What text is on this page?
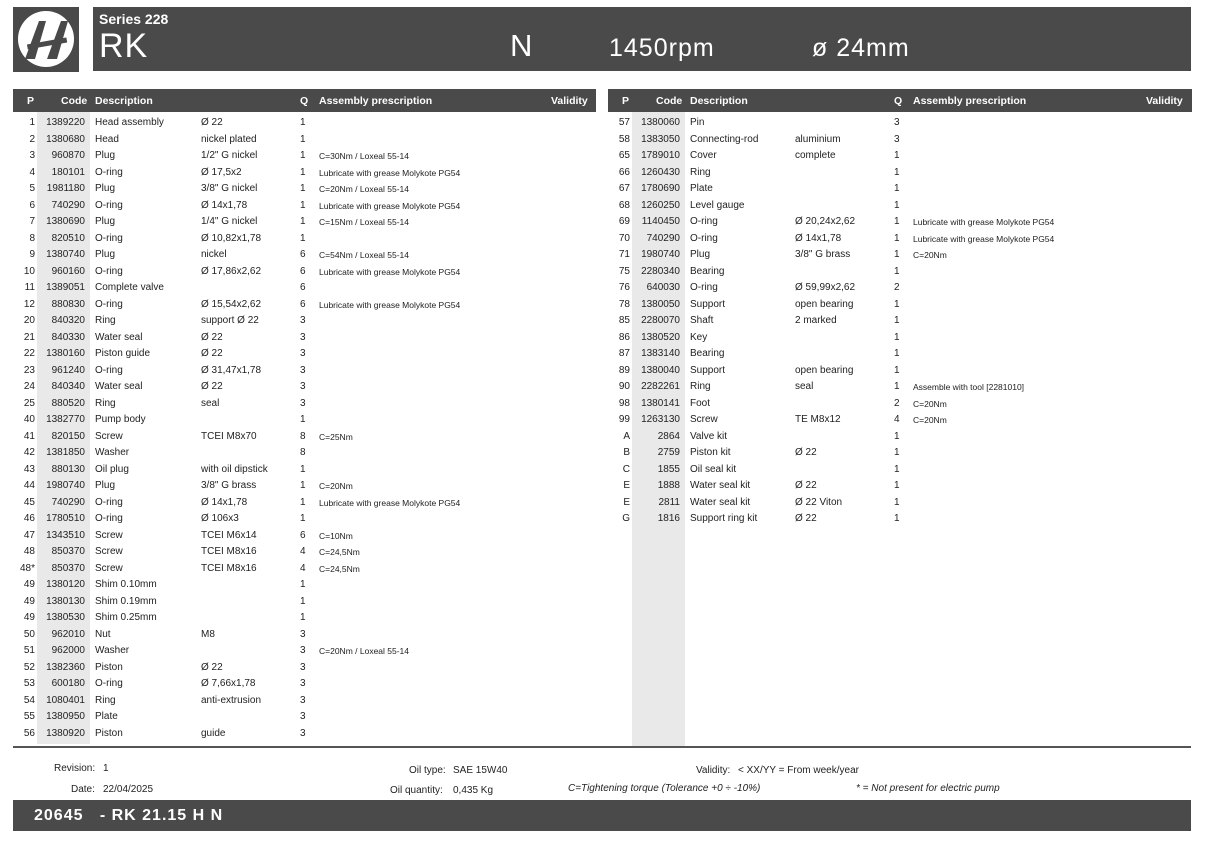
Series 228
RK	N	1450rpm	ø 24mm
P	Code Description	Q Assembly prescription	Validity
1	1389220 Head assembly	Ø 22	1
2	1380680 Head	nickel plated	1
3	960870 Plug	1/2" G nickel	1 C=30Nm / Loxeal 55-14
4	180101 O-ring	Ø 17,5x2	1 Lubricate with grease Molykote PG54
5	1981180 Plug	3/8" G nickel	1 C=20Nm / Loxeal 55-14
6	740290 O-ring	Ø 14x1,78	1 Lubricate with grease Molykote PG54
7	1380690 Plug	1/4" G nickel	1 C=15Nm / Loxeal 55-14
8	820510 O-ring	Ø 10,82x1,78	1
9	1380740 Plug	nickel	6 C=54Nm / Loxeal 55-14
10	960160 O-ring	Ø 17,86x2,62	6 Lubricate with grease Molykote PG54
11	1389051 Complete valve	6
12	880830 O-ring	Ø 15,54x2,62	6 Lubricate with grease Molykote PG54
20	840320 Ring	support Ø 22	3
21	840330 Water seal	Ø 22	3
22	1380160 Piston guide	Ø 22	3
23	961240 O-ring	Ø 31,47x1,78	3
24	840340 Water seal	Ø 22	3
25	880520 Ring	seal	3
40	1382770 Pump body	1
41	820150 Screw	TCEI M8x70	8 C=25Nm
42	1381850 Washer	8
43	880130 Oil plug	with oil dipstick	1
44	1980740 Plug	3/8" G brass	1 C=20Nm
45	740290 O-ring	Ø 14x1,78	1 Lubricate with grease Molykote PG54
46	1780510 O-ring	Ø 106x3	1
47	1343510 Screw	TCEI M6x14	6 C=10Nm
48	850370 Screw	TCEI M8x16	4 C=24,5Nm
48*	850370 Screw	TCEI M8x16	4 C=24,5Nm
49	1380120 Shim 0.10mm	1
49	1380130 Shim 0.19mm	1
49	1380530 Shim 0.25mm	1
50	962010 Nut	M8	3
51	962000 Washer	3 C=20Nm / Loxeal 55-14
52	1382360 Piston	Ø 22	3
53	600180 O-ring	Ø 7,66x1,78	3
54	1080401 Ring	anti-extrusion	3
55	1380950 Plate	3
56	1380920 Piston	guide	3
P	Code Description	Q Assembly prescription	Validity
57	1380060 Pin	3
58	1383050 Connecting-rod	aluminium	3
65	1789010 Cover	complete	1
66	1260430 Ring	1
67	1780690 Plate	1
68	1260250 Level gauge	1
69	1140450 O-ring	Ø 20,24x2,62	1 Lubricate with grease Molykote PG54
70	740290 O-ring	Ø 14x1,78	1 Lubricate with grease Molykote PG54
71	1980740 Plug	3/8" G brass	1 C=20Nm
75	2280340 Bearing	1
76	640030 O-ring	Ø 59,99x2,62	2
78	1380050 Support	open bearing	1
85	2280070 Shaft	2 marked	1
86	1380520 Key	1
87	1383140 Bearing	1
89	1380040 Support	open bearing	1
90	2282261 Ring	seal	1 Assemble with tool [2281010]
98	1380141 Foot	2 C=20Nm
99	1263130 Screw	TE M8x12	4 C=20Nm
A	2864 Valve kit	1
B	2759 Piston kit	Ø 22	1
C	1855 Oil seal kit	1
E	1888 Water seal kit	Ø 22	1
E	2811 Water seal kit	Ø 22 Viton	1
G	1816 Support ring kit	Ø 22	1
Revision: 1
Date: 22/04/2025
Oil type: SAE 15W40
Oil quantity: 0,435 Kg
Validity: < XX/YY = From week/year
C=Tightening torque (Tolerance +0 ÷ -10%)	* = Not present for electric pump
20645   - RK 21.15 H N
